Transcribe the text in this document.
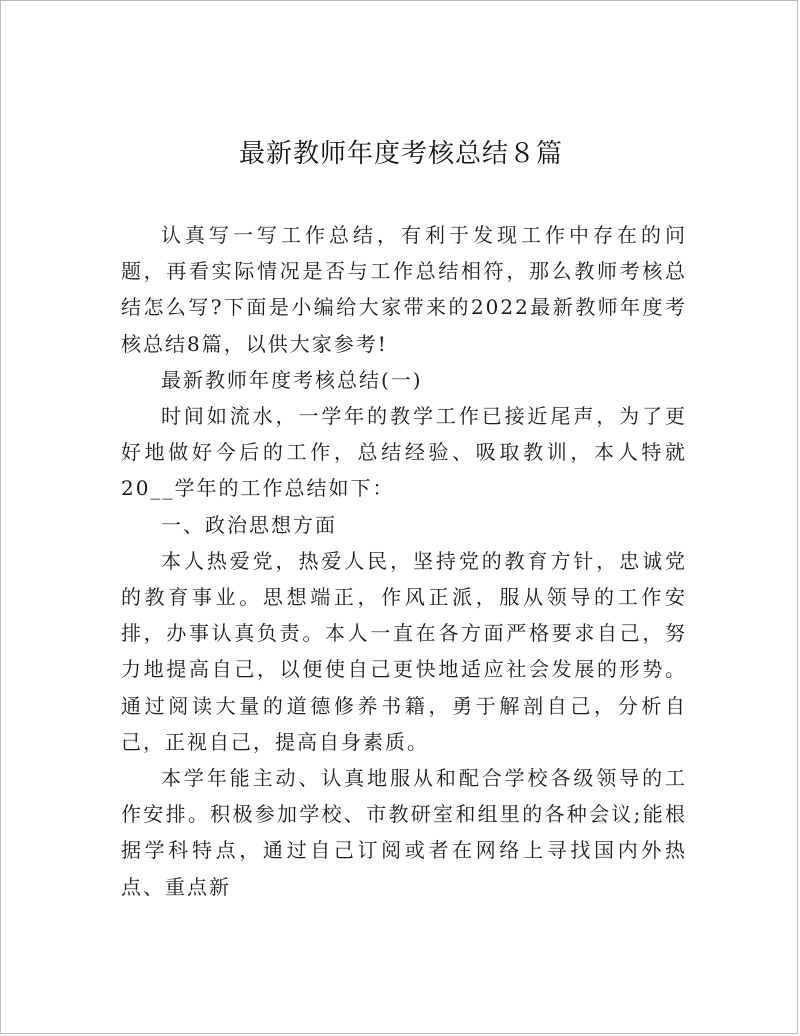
最新教师年度考核总结８篇

认真写一写工作总结，有利于发现工作中存在的问题，再看实际情况是否与工作总结相符，那么教师考核总结怎么写?下面是小编给大家带来的2022最新教师年度考核总结8篇，以供大家参考!

最新教师年度考核总结(一)

时间如流水，一学年的教学工作已接近尾声，为了更好地做好今后的工作，总结经验、吸取教训，本人特就20__学年的工作总结如下：

一、政治思想方面

本人热爱党，热爱人民，坚持党的教育方针，忠诚党的教育事业。思想端正，作风正派，服从领导的工作安排，办事认真负责。本人一直在各方面严格要求自己，努力地提高自己，以便使自己更快地适应社会发展的形势。通过阅读大量的道德修养书籍，勇于解剖自己，分析自己，正视自己，提高自身素质。

本学年能主动、认真地服从和配合学校各级领导的工作安排。积极参加学校、市教研室和组里的各种会议;能根据学科特点，通过自己订阅或者在网络上寻找国内外热点、重点新
